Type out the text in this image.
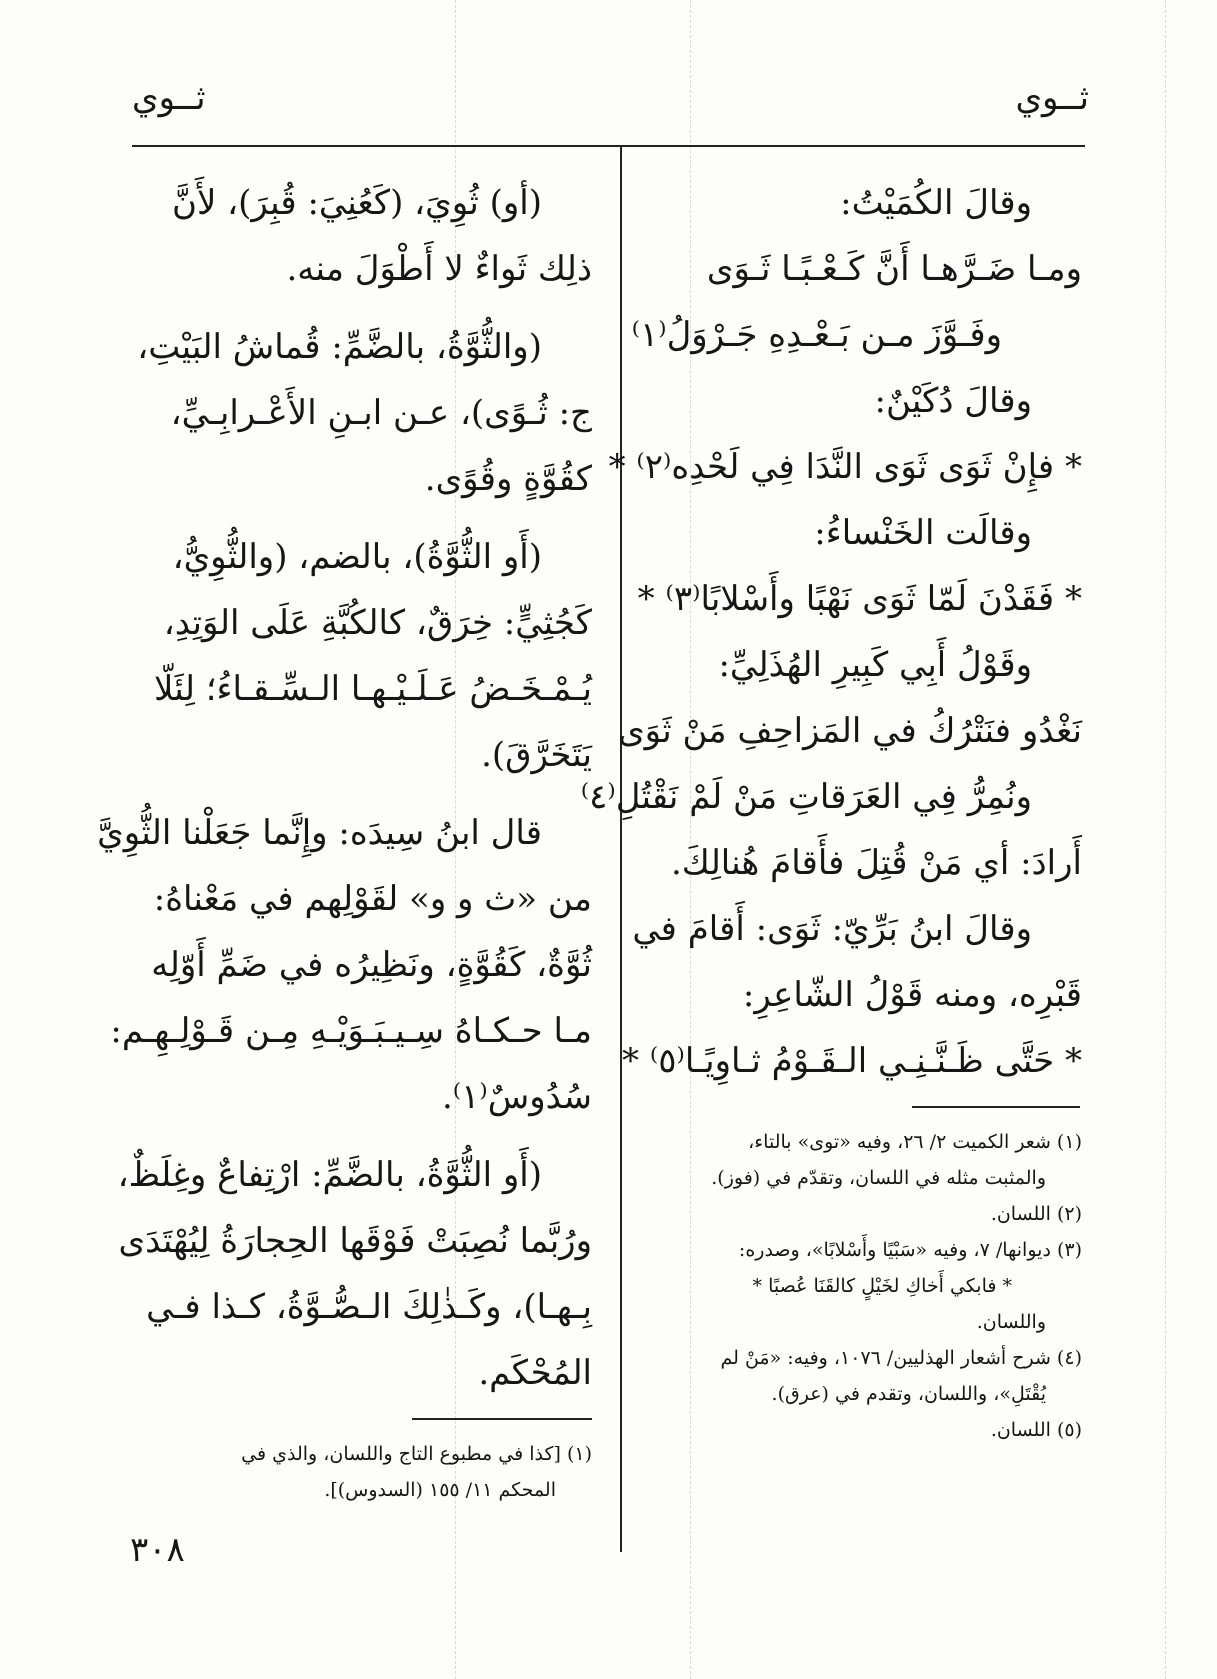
ثــوي
ثــوي
وقالَ الكُمَيْتُ:
ومـا ضَـرَّهـا أَنَّ كَـعْـبًـا ثَـوَى
وفَـوَّزَ مـن بَـعْـدِهِ جَـرْوَلُ⁽١⁾
وقالَ دُكَيْنٌ:
* فإِنْ ثَوَى ثَوَى النَّدَا فِي لَحْدِه⁽٢⁾ *
وقالَت الخَنْساءُ:
* فَقَدْنَ لَمّا ثَوَى نَهْبًا وأَسْلابًا⁽٣⁾ *
وقَوْلُ أَبِي كَبِيرِ الهُذَلِيِّ:
نَغْدُو فنَتْرُكُ في المَزاحِفِ مَنْ ثَوَى
ونُمِرُّ فِي العَرَقاتِ مَنْ لَمْ نَقْتُلِ⁽٤⁾
أَرادَ: أي مَنْ قُتِلَ فأَقامَ هُنالِكَ.
وقالَ ابنُ بَرِّيّ: ثَوَى: أَقامَ في
قَبْرِه، ومنه قَوْلُ الشّاعِرِ:
* حَتَّى ظَـنَّـنِـي الـقَـوْمُ ثـاوِيًـا⁽٥⁾ *
(١) شعر الكميت ٢/ ٢٦، وفيه «توى» بالتاء،
والمثبت مثله في اللسان، وتقدّم في (فوز).
(٢) اللسان.
(٣) ديوانها/ ٧، وفيه «سَبْيًا وأَسْلابًا»، وصدره:
* فابكي أَخاكِ لخَيْلٍ كالقَنَا عُصبًا *
واللسان.
(٤) شرح أشعار الهذليين/ ١٠٧٦، وفيه: «مَنْ لم
يُقْتَلِ»، واللسان، وتقدم في (عرق).
(٥) اللسان.
(أو) ثُوِيَ، (كَعُنِيَ: قُبِرَ)، لأَنَّ
ذلِك ثَواءٌ لا أَطْوَلَ منه.
(والثُّوَّةُ، بالضَّمِّ: قُماشُ البَيْتِ،
ج: ثُـوًى)، عـن ابـنِ الأَعْـرابِـيِّ،
كقُوَّةٍ وقُوًى.
(أَو الثُّوَّةُ)، بالضم، (والثُّوِيُّ،
كَجُثِيٍّ: خِرَقٌ، كالكُبَّةِ عَلَى الوَتِدِ،
يُـمْـخَـضُ عَـلَـيْـهـا الـسِّـقـاءُ؛ لِئَلّا
يَتَخَرَّقَ).
قال ابنُ سِيدَه: وإِنَّما جَعَلْنا الثُّوِيَّ
من «ث و و» لقَوْلِهم في مَعْناهُ:
ثُوَّةٌ، كَقُوَّةٍ، ونَظِيرُه في ضَمِّ أَوّلِه
مـا حـكـاهُ سِـيـبَـوَيْـهِ مِـن قَـوْلِـهِـم:
سُدُوسٌ⁽١⁾.
(أَو الثُّوَّةُ، بالضَّمِّ: ارْتِفاعٌ وغِلَظٌ،
ورُبَّما نُصِبَتْ فَوْقَها الحِجارَةُ لِيُهْتَدَى
بِـهـا)، وكَـذٰلِكَ الـصُّـوَّةُ، كـذا فـي
المُحْكَم.
(١) [كذا في مطبوع التاج واللسان، والذي في
المحكم ١١/ ١٥٥ (السدوس)].
٣٠٨
